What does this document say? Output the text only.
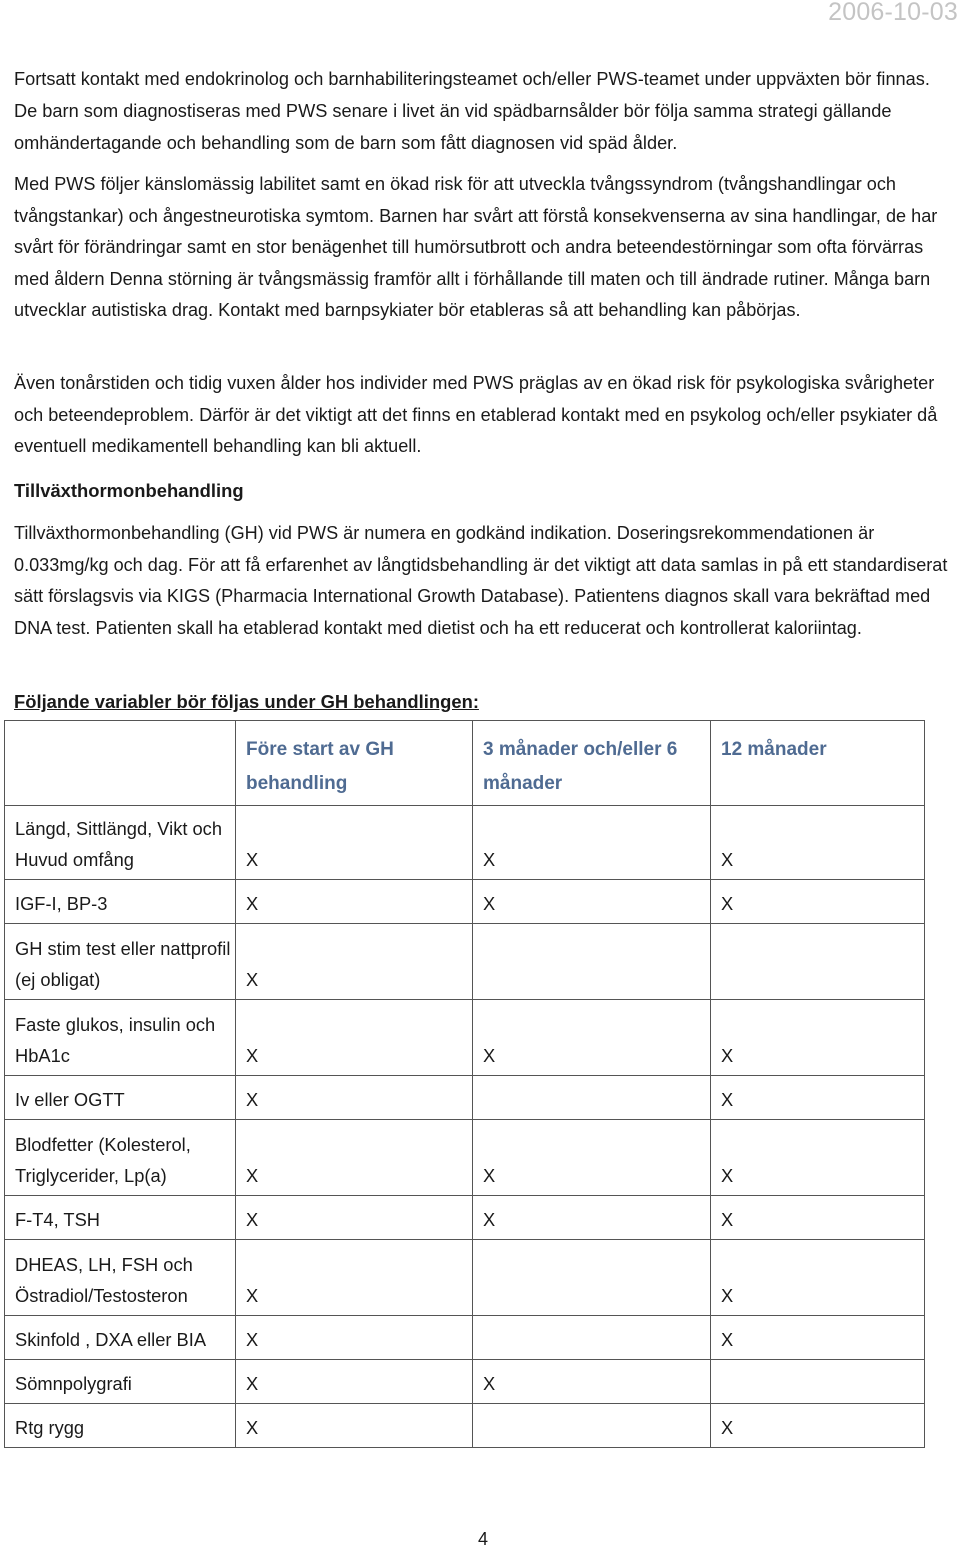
2006-10-03

Fortsatt kontakt med endokrinolog och barnhabiliteringsteamet och/eller PWS-teamet under uppväxten bör finnas. De barn som diagnostiseras med PWS senare i livet än vid spädbarnsålder bör följa samma strategi gällande omhändertagande och behandling som de barn som fått diagnosen vid späd ålder.

Med PWS följer känslomässig labilitet samt en ökad risk för att utveckla tvångssyndrom (tvångshandlingar och tvångstankar) och ångestneurotiska symtom. Barnen har svårt att förstå konsekvenserna av sina handlingar, de har svårt för förändringar samt en stor benägenhet till humörsutbrott och andra beteendestörningar som ofta förvärras med åldern Denna störning är tvångsmässig framför allt i förhållande till maten och till ändrade rutiner. Många barn utvecklar autistiska drag. Kontakt med barnpsykiater bör etableras så att behandling kan påbörjas.

Även tonårstiden och tidig vuxen ålder hos individer med PWS präglas av en ökad risk för psykologiska svårigheter och beteendeproblem. Därför är det viktigt att det finns en etablerad kontakt med en psykolog och/eller psykiater då eventuell medikamentell behandling kan bli aktuell.

Tillväxthormonbehandling

Tillväxthormonbehandling (GH) vid PWS är numera en godkänd indikation. Doseringsrekommendationen är 0.033mg/kg och dag. För att få erfarenhet av långtidsbehandling är det viktigt att data samlas in på ett standardiserat sätt förslagsvis via KIGS (Pharmacia International Growth Database). Patientens diagnos skall vara bekräftad med DNA test. Patienten skall ha etablerad kontakt med dietist och ha ett reducerat och kontrollerat kaloriintag.

Följande variabler bör följas under GH behandlingen:
	Före start av GH behandling	3 månader och/eller 6 månader	12 månader
Längd, Sittlängd, Vikt och Huvud omfång	X	X	X
IGF-I, BP-3	X	X	X
GH stim test eller nattprofil (ej obligat)	X		
Faste glukos, insulin och HbA1c	X	X	X
Iv eller OGTT	X		X
Blodfetter (Kolesterol, Triglycerider, Lp(a)	X	X	X
F-T4, TSH	X	X	X
DHEAS, LH, FSH och Östradiol/Testosteron	X		X
Skinfold , DXA eller BIA	X		X
Sömnpolygrafi	X	X	
Rtg rygg	X		X
4
